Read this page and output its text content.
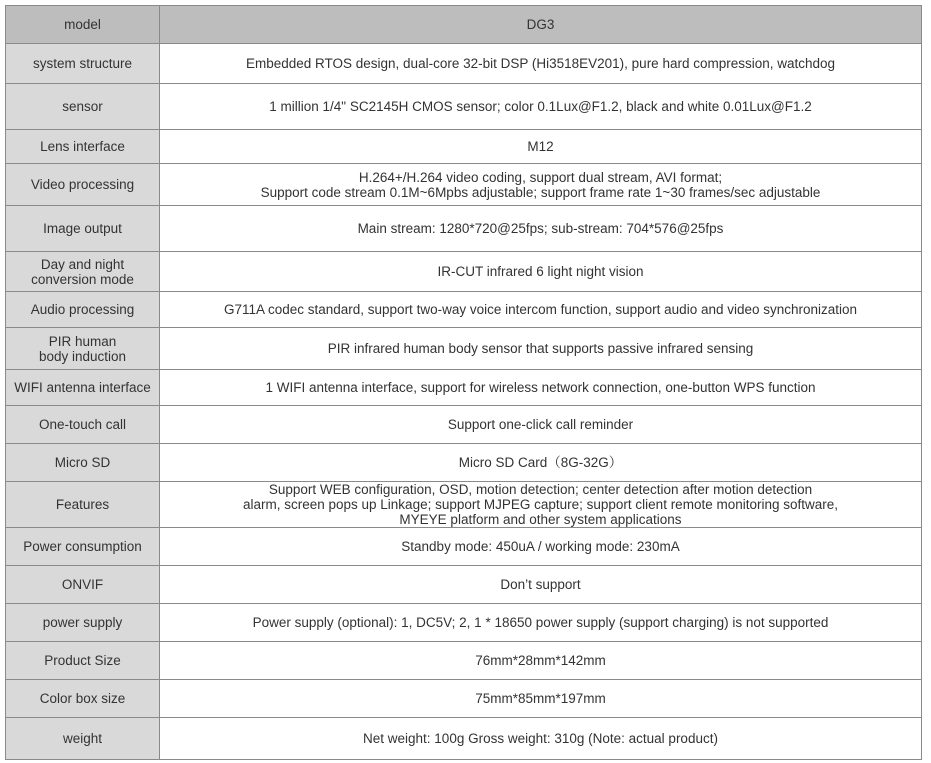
model	DG3

system structure	Embedded RTOS design, dual-core 32-bit DSP (Hi3518EV201), pure hard compression, watchdog

sensor	1 million 1/4" SC2145H CMOS sensor; color 0.1Lux@F1.2, black and white 0.01Lux@F1.2

Lens interface	M12

Video processing	H.264+/H.264 video coding, support dual stream, AVI format;
Support code stream 0.1M~6Mpbs adjustable; support frame rate 1~30 frames/sec adjustable

Image output	Main stream: 1280*720@25fps; sub-stream: 704*576@25fps

Day and night
conversion mode	IR-CUT infrared 6 light night vision

Audio processing	G711A codec standard, support two-way voice intercom function, support audio and video synchronization

PIR human
body induction	PIR infrared human body sensor that supports passive infrared sensing

WIFI antenna interface	1 WIFI antenna interface, support for wireless network connection, one-button WPS function

One-touch call	Support one-click call reminder

Micro SD	Micro SD Card（8G-32G）

Features	Support WEB configuration, OSD, motion detection; center detection after motion detection
alarm, screen pops up Linkage; support MJPEG capture; support client remote monitoring software,
MYEYE platform and other system applications

Power consumption	Standby mode: 450uA / working mode: 230mA

ONVIF	Don’t support

power supply	Power supply (optional): 1, DC5V; 2, 1 * 18650 power supply (support charging) is not supported

Product Size	76mm*28mm*142mm

Color box size	75mm*85mm*197mm

weight	Net weight: 100g Gross weight: 310g (Note: actual product)
